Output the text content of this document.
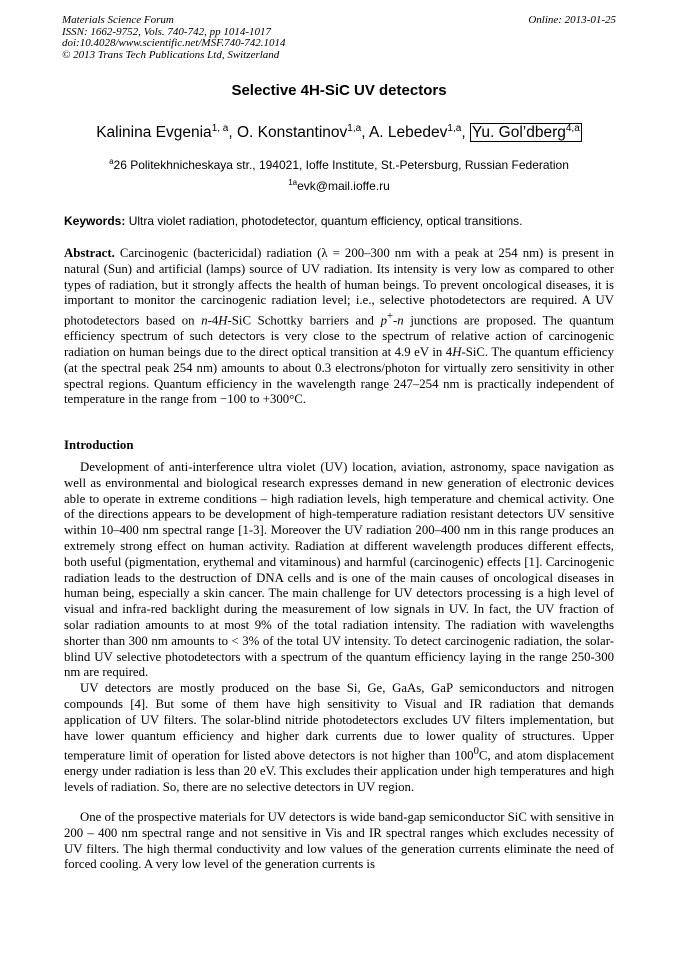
Materials Science Forum	Online: 2013-01-25
ISSN: 1662-9752, Vols. 740-742, pp 1014-1017
doi:10.4028/www.scientific.net/MSF.740-742.1014
© 2013 Trans Tech Publications Ltd, Switzerland
Selective 4H-SiC UV detectors
Kalinina Evgenia$^{1, a}$, O. Konstantinov$^{1,a}$, A. Lebedev$^{1,a}$, Yu. Gol’dberg$^{4,a}$
$^a$26 Politekhnicheskaya str., 194021, Ioffe Institute, St.-Petersburg, Russian Federation
$^{1a}$evk@mail.ioffe.ru
Keywords: Ultra violet radiation, photodetector, quantum efficiency, optical transitions.
Abstract. Carcinogenic (bactericidal) radiation (λ = 200–300 nm with a peak at 254 nm) is present in natural (Sun) and artificial (lamps) source of UV radiation. Its intensity is very low as compared to other types of radiation, but it strongly affects the health of human beings. To prevent oncological diseases, it is important to monitor the carcinogenic radiation level; i.e., selective photodetectors are required. A UV photodetectors based on n-4H-SiC Schottky barriers and p+-n junctions are proposed. The quantum efficiency spectrum of such detectors is very close to the spectrum of relative action of carcinogenic radiation on human beings due to the direct optical transition at 4.9 eV in 4H-SiC. The quantum efficiency (at the spectral peak 254 nm) amounts to about 0.3 electrons/photon for virtually zero sensitivity in other spectral regions. Quantum efficiency in the wavelength range 247–254 nm is practically independent of temperature in the range from −100 to +300°C.
Introduction

Development of anti-interference ultra violet (UV) location, aviation, astronomy, space navigation as well as environmental and biological research expresses demand in new generation of electronic devices able to operate in extreme conditions – high radiation levels, high temperature and chemical activity. One of the directions appears to be development of high-temperature radiation resistant detectors UV sensitive within 10–400 nm spectral range [1-3]. Moreover the UV radiation 200–400 nm in this range produces an extremely strong effect on human activity. Radiation at different wavelength produces different effects, both useful (pigmentation, erythemal and vitaminous) and harmful (carcinogenic) effects [1]. Carcinogenic radiation leads to the destruction of DNA cells and is one of the main causes of oncological diseases in human being, especially a skin cancer. The main challenge for UV detectors processing is a high level of visual and infra-red backlight during the measurement of low signals in UV. In fact, the UV fraction of solar radiation amounts to at most 9% of the total radiation intensity. The radiation with wavelengths shorter than 300 nm amounts to < 3% of the total UV intensity. To detect carcinogenic radiation, the solar-blind UV selective photodetectors with a spectrum of the quantum efficiency laying in the range 250-300 nm are required.

UV detectors are mostly produced on the base Si, Ge, GaAs, GaP semiconductors and nitrogen compounds [4]. But some of them have high sensitivity to Visual and IR radiation that demands application of UV filters. The solar-blind nitride photodetectors excludes UV filters implementation, but have lower quantum efficiency and higher dark currents due to lower quality of structures. Upper temperature limit of operation for listed above detectors is not higher than $100^0C$, and atom displacement energy under radiation is less than 20 eV. This excludes their application under high temperatures and high levels of radiation. So, there are no selective detectors in UV region.

One of the prospective materials for UV detectors is wide band-gap semiconductor SiC with sensitive in 200 – 400 nm spectral range and not sensitive in Vis and IR spectral ranges which excludes necessity of UV filters. The high thermal conductivity and low values of the generation currents eliminate the need of forced cooling. A very low level of the generation currents is
